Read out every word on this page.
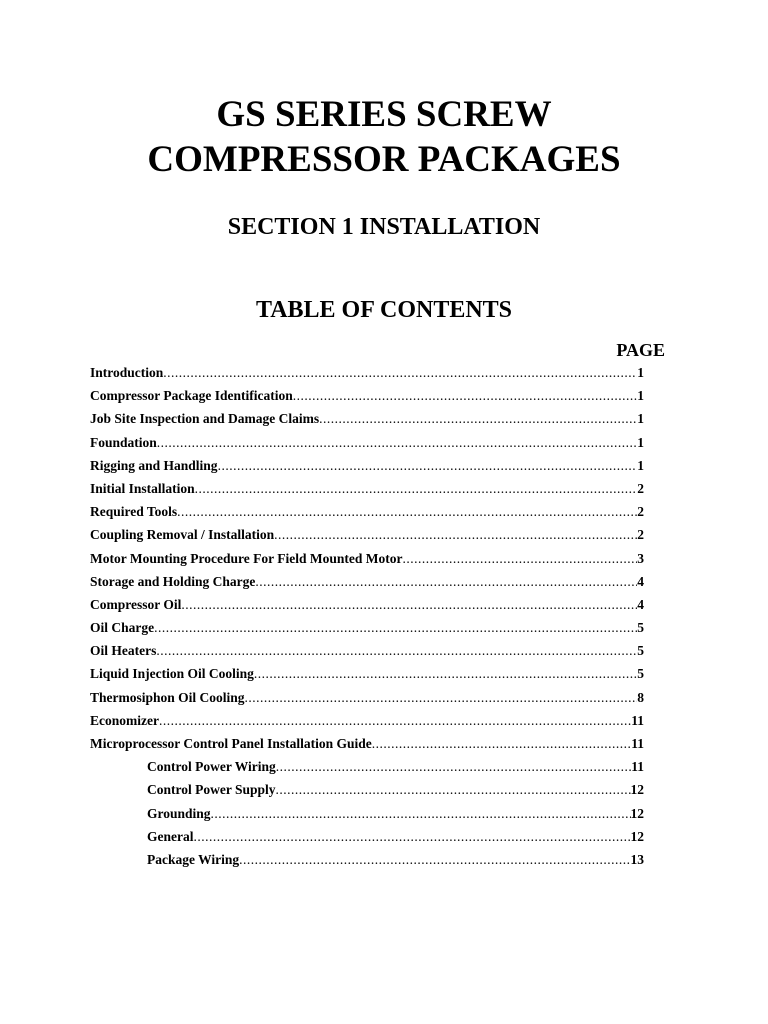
GS SERIES SCREW
COMPRESSOR PACKAGES
SECTION 1 INSTALLATION
TABLE OF CONTENTS
PAGE
Introduction .....	1
Compressor Package Identification .....	1
Job Site Inspection and Damage Claims .....	1
Foundation .....	1
Rigging and Handling .....	1
Initial Installation .....	2
Required Tools .....	2
Coupling Removal / Installation .....	2
Motor Mounting Procedure For Field Mounted Motor .....	3
Storage and Holding Charge .....	4
Compressor Oil .....	4
Oil Charge .....	5
Oil Heaters .....	5
Liquid Injection Oil Cooling .....	5
Thermosiphon Oil Cooling .....	8
Economizer .....	11
Microprocessor Control Panel Installation Guide .....	11
Control Power Wiring .....	11
Control Power Supply .....	12
Grounding .....	12
General .....	12
Package Wiring .....	13
